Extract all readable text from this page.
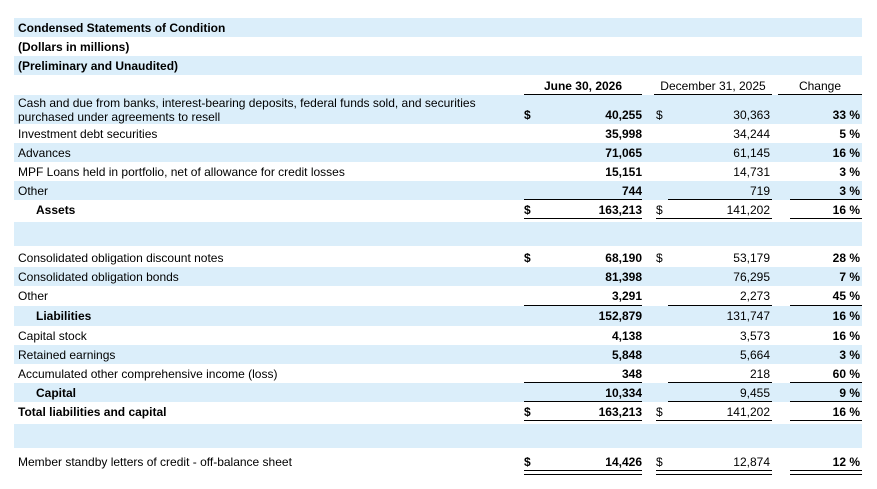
Condensed Statements of Condition
(Dollars in millions)
(Preliminary and Unaudited)
June 30, 2026	December 31, 2025	Change
Cash and due from banks, interest-bearing deposits, federal funds sold, and securities
purchased under agreements to resell	$	40,255 $	30,363	33 %
Investment debt securities	35,998	34,244	5 %
Advances	71,065	61,145	16 %
MPF Loans held in portfolio, net of allowance for credit losses	15,151	14,731	3 %
Other	744	719	3 %
Assets	$	163,213 $	141,202	16 %
Consolidated obligation discount notes	$	68,190 $	53,179	28 %
Consolidated obligation bonds	81,398	76,295	7 %
Other	3,291	2,273	45 %
Liabilities	152,879	131,747	16 %
Capital stock	4,138	3,573	16 %
Retained earnings	5,848	5,664	3 %
Accumulated other comprehensive income (loss)	348	218	60 %
Capital	10,334	9,455	9 %
Total liabilities and capital	$	163,213 $	141,202	16 %
Member standby letters of credit - off-balance sheet	$	14,426 $	12,874	12 %
